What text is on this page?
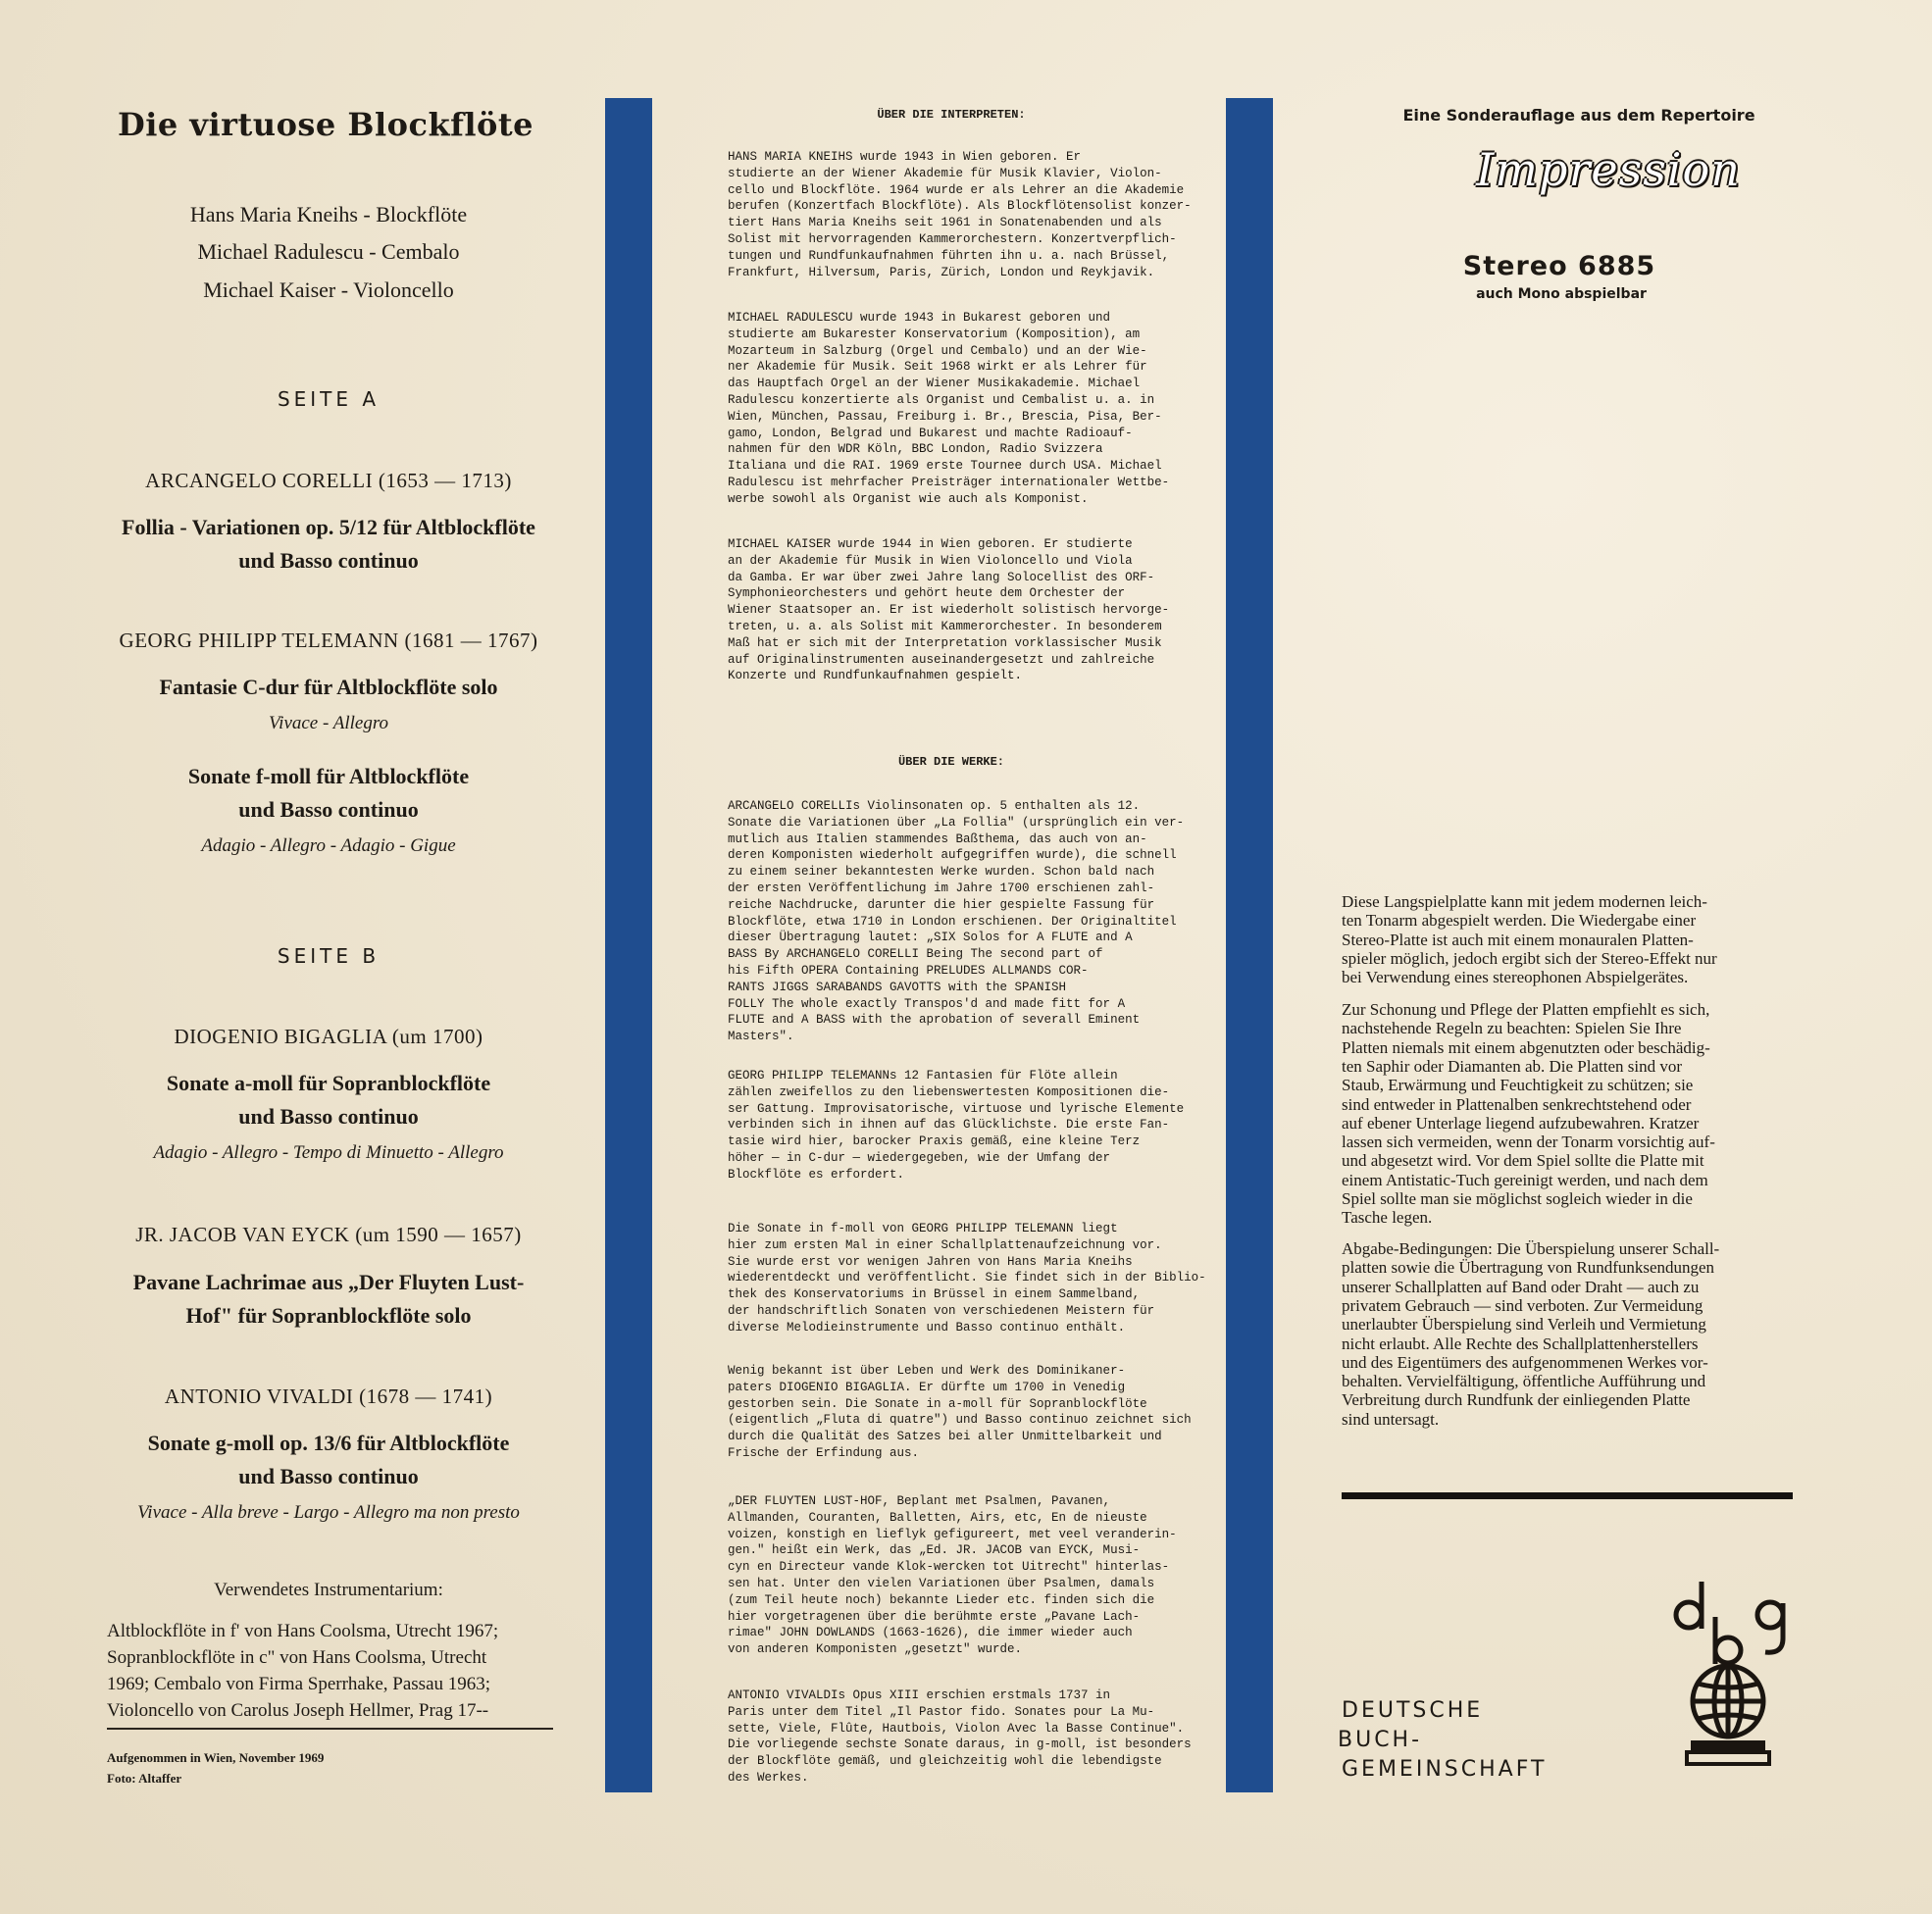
Die virtuose Blockflöte
Hans Maria Kneihs - Blockflöte
Michael Radulescu - Cembalo
Michael Kaiser - Violoncello
SEITE A
ARCANGELO CORELLI (1653 — 1713)
Follia - Variationen op. 5/12 für Altblockflöte
und Basso continuo
GEORG PHILIPP TELEMANN (1681 — 1767)
Fantasie C-dur für Altblockflöte solo
Vivace - Allegro
Sonate f-moll für Altblockflöte
und Basso continuo
Adagio - Allegro - Adagio - Gigue
SEITE B
DIOGENIO BIGAGLIA (um 1700)
Sonate a-moll für Sopranblockflöte
und Basso continuo
Adagio - Allegro - Tempo di Minuetto - Allegro
JR. JACOB VAN EYCK (um 1590 — 1657)
Pavane Lachrimae aus „Der Fluyten Lust-
Hof" für Sopranblockflöte solo
ANTONIO VIVALDI (1678 — 1741)
Sonate g-moll op. 13/6 für Altblockflöte
und Basso continuo
Vivace - Alla breve - Largo - Allegro ma non presto
Verwendetes Instrumentarium:
Altblockflöte in f' von Hans Coolsma, Utrecht 1967;
Sopranblockflöte in c" von Hans Coolsma, Utrecht
1969; Cembalo von Firma Sperrhake, Passau 1963;
Violoncello von Carolus Joseph Hellmer, Prag 17--
Aufgenommen in Wien, November 1969
Foto: Altaffer
ÜBER DIE INTERPRETEN:
HANS MARIA KNEIHS wurde 1943 in Wien geboren. Er
studierte an der Wiener Akademie für Musik Klavier, Violon-
cello und Blockflöte. 1964 wurde er als Lehrer an die Akademie
berufen (Konzertfach Blockflöte). Als Blockflötensolist konzer-
tiert Hans Maria Kneihs seit 1961 in Sonatenabenden und als
Solist mit hervorragenden Kammerorchestern. Konzertverpflich-
tungen und Rundfunkaufnahmen führten ihn u. a. nach Brüssel,
Frankfurt, Hilversum, Paris, Zürich, London und Reykjavik.
MICHAEL RADULESCU wurde 1943 in Bukarest geboren und
studierte am Bukarester Konservatorium (Komposition), am
Mozarteum in Salzburg (Orgel und Cembalo) und an der Wie-
ner Akademie für Musik. Seit 1968 wirkt er als Lehrer für
das Hauptfach Orgel an der Wiener Musikakademie. Michael
Radulescu konzertierte als Organist und Cembalist u. a. in
Wien, München, Passau, Freiburg i. Br., Brescia, Pisa, Ber-
gamo, London, Belgrad und Bukarest und machte Radioauf-
nahmen für den WDR Köln, BBC London, Radio Svizzera
Italiana und die RAI. 1969 erste Tournee durch USA. Michael
Radulescu ist mehrfacher Preisträger internationaler Wettbe-
werbe sowohl als Organist wie auch als Komponist.
MICHAEL KAISER wurde 1944 in Wien geboren. Er studierte
an der Akademie für Musik in Wien Violoncello und Viola
da Gamba. Er war über zwei Jahre lang Solocellist des ORF-
Symphonieorchesters und gehört heute dem Orchester der
Wiener Staatsoper an. Er ist wiederholt solistisch hervorge-
treten, u. a. als Solist mit Kammerorchester. In besonderem
Maß hat er sich mit der Interpretation vorklassischer Musik
auf Originalinstrumenten auseinandergesetzt und zahlreiche
Konzerte und Rundfunkaufnahmen gespielt.
ÜBER DIE WERKE:
ARCANGELO CORELLIs Violinsonaten op. 5 enthalten als 12.
Sonate die Variationen über „La Follia" (ursprünglich ein ver-
mutlich aus Italien stammendes Baßthema, das auch von an-
deren Komponisten wiederholt aufgegriffen wurde), die schnell
zu einem seiner bekanntesten Werke wurden. Schon bald nach
der ersten Veröffentlichung im Jahre 1700 erschienen zahl-
reiche Nachdrucke, darunter die hier gespielte Fassung für
Blockflöte, etwa 1710 in London erschienen. Der Originaltitel
dieser Übertragung lautet: „SIX Solos for A FLUTE and A
BASS By ARCHANGELO CORELLI Being The second part of
his Fifth OPERA Containing PRELUDES ALLMANDS COR-
RANTS JIGGS SARABANDS GAVOTTS with the SPANISH
FOLLY The whole exactly Transpos'd and made fitt for A
FLUTE and A BASS with the aprobation of severall Eminent
Masters".
GEORG PHILIPP TELEMANNs 12 Fantasien für Flöte allein
zählen zweifellos zu den liebenswertesten Kompositionen die-
ser Gattung. Improvisatorische, virtuose und lyrische Elemente
verbinden sich in ihnen auf das Glücklichste. Die erste Fan-
tasie wird hier, barocker Praxis gemäß, eine kleine Terz
höher — in C-dur — wiedergegeben, wie der Umfang der
Blockflöte es erfordert.
Die Sonate in f-moll von GEORG PHILIPP TELEMANN liegt
hier zum ersten Mal in einer Schallplattenaufzeichnung vor.
Sie wurde erst vor wenigen Jahren von Hans Maria Kneihs
wiederentdeckt und veröffentlicht. Sie findet sich in der Biblio-
thek des Konservatoriums in Brüssel in einem Sammelband,
der handschriftlich Sonaten von verschiedenen Meistern für
diverse Melodieinstrumente und Basso continuo enthält.
Wenig bekannt ist über Leben und Werk des Dominikaner-
paters DIOGENIO BIGAGLIA. Er dürfte um 1700 in Venedig
gestorben sein. Die Sonate in a-moll für Sopranblockflöte
(eigentlich „Fluta di quatre") und Basso continuo zeichnet sich
durch die Qualität des Satzes bei aller Unmittelbarkeit und
Frische der Erfindung aus.
„DER FLUYTEN LUST-HOF, Beplant met Psalmen, Pavanen,
Allmanden, Couranten, Balletten, Airs, etc, En de nieuste
voizen, konstigh en lieflyk gefigureert, met veel veranderin-
gen." heißt ein Werk, das „Ed. JR. JACOB van EYCK, Musi-
cyn en Directeur vande Klok-wercken tot Uitrecht" hinterlas-
sen hat. Unter den vielen Variationen über Psalmen, damals
(zum Teil heute noch) bekannte Lieder etc. finden sich die
hier vorgetragenen über die berühmte erste „Pavane Lach-
rimae" JOHN DOWLANDS (1663-1626), die immer wieder auch
von anderen Komponisten „gesetzt" wurde.
ANTONIO VIVALDIs Opus XIII erschien erstmals 1737 in
Paris unter dem Titel „Il Pastor fido. Sonates pour La Mu-
sette, Viele, Flûte, Hautbois, Violon Avec la Basse Continue".
Die vorliegende sechste Sonate daraus, in g-moll, ist besonders
der Blockflöte gemäß, und gleichzeitig wohl die lebendigste
des Werkes.
Eine Sonderauflage aus dem Repertoire
Impression
Stereo 6885
auch Mono abspielbar
Diese Langspielplatte kann mit jedem modernen leich-
ten Tonarm abgespielt werden. Die Wiedergabe einer
Stereo-Platte ist auch mit einem monauralen Platten-
spieler möglich, jedoch ergibt sich der Stereo-Effekt nur
bei Verwendung eines stereophonen Abspielgerätes.
Zur Schonung und Pflege der Platten empfiehlt es sich,
nachstehende Regeln zu beachten: Spielen Sie Ihre
Platten niemals mit einem abgenutzten oder beschädig-
ten Saphir oder Diamanten ab. Die Platten sind vor
Staub, Erwärmung und Feuchtigkeit zu schützen; sie
sind entweder in Plattenalben senkrechtstehend oder
auf ebener Unterlage liegend aufzubewahren. Kratzer
lassen sich vermeiden, wenn der Tonarm vorsichtig auf-
und abgesetzt wird. Vor dem Spiel sollte die Platte mit
einem Antistatic-Tuch gereinigt werden, und nach dem
Spiel sollte man sie möglichst sogleich wieder in die
Tasche legen.
Abgabe-Bedingungen: Die Überspielung unserer Schall-
platten sowie die Übertragung von Rundfunksendungen
unserer Schallplatten auf Band oder Draht — auch zu
privatem Gebrauch — sind verboten. Zur Vermeidung
unerlaubter Überspielung sind Verleih und Vermietung
nicht erlaubt. Alle Rechte des Schallplattenherstellers
und des Eigentümers des aufgenommenen Werkes vor-
behalten. Vervielfältigung, öffentliche Aufführung und
Verbreitung durch Rundfunk der einliegenden Platte
sind untersagt.
DEUTSCHE
BUCH-
GEMEINSCHAFT
